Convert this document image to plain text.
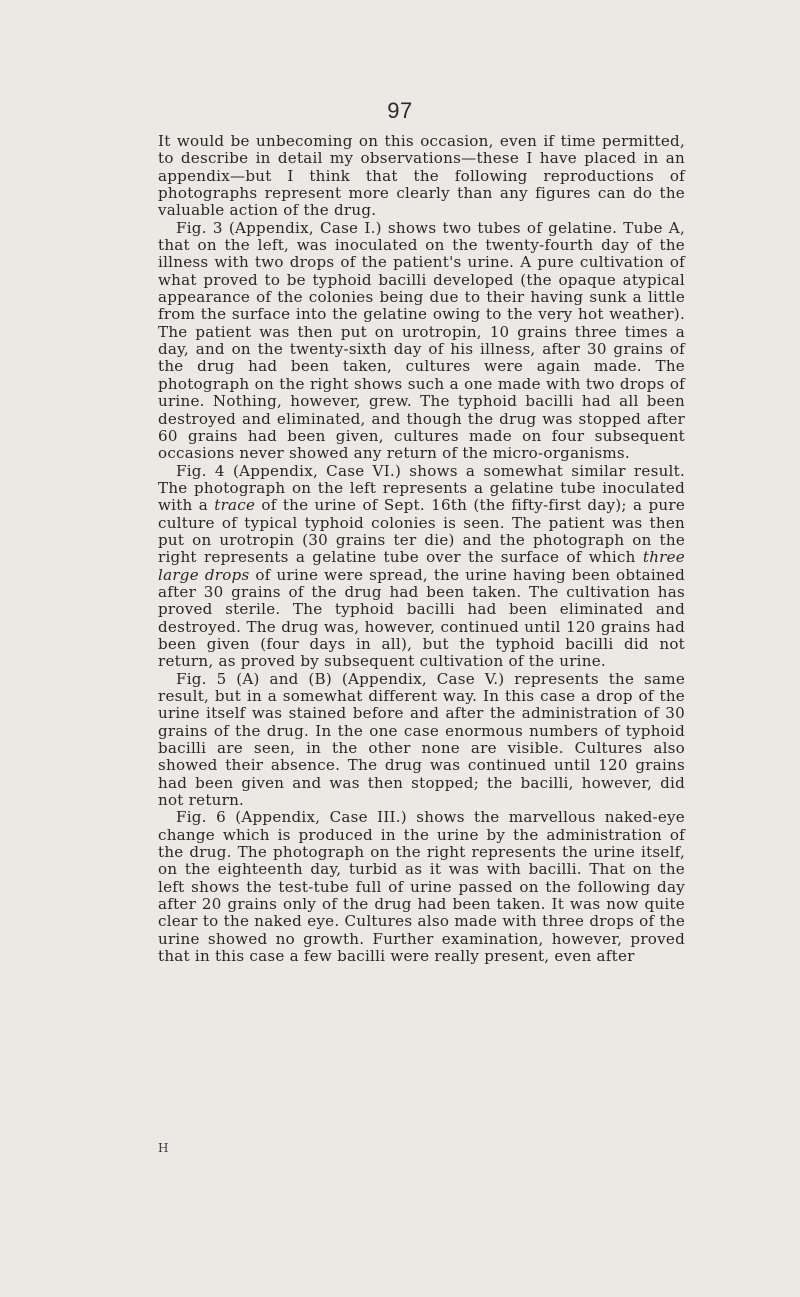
97

It would be unbecoming on this occasion, even if time permitted, to describe in detail my observations—these I have placed in an appendix—but I think that the following reproductions of photographs represent more clearly than any figures can do the valuable action of the drug.

Fig. 3 (Appendix, Case I.) shows two tubes of gelatine. Tube A, that on the left, was inoculated on the twenty-fourth day of the illness with two drops of the patient's urine. A pure cultivation of what proved to be typhoid bacilli developed (the opaque atypical appearance of the colonies being due to their having sunk a little from the surface into the gelatine owing to the very hot weather). The patient was then put on urotropin, 10 grains three times a day, and on the twenty-sixth day of his illness, after 30 grains of the drug had been taken, cultures were again made. The photograph on the right shows such a one made with two drops of urine. Nothing, however, grew. The typhoid bacilli had all been destroyed and eliminated, and though the drug was stopped after 60 grains had been given, cultures made on four subsequent occasions never showed any return of the micro-organisms.

Fig. 4 (Appendix, Case VI.) shows a somewhat similar result. The photograph on the left represents a gelatine tube inoculated with a trace of the urine of Sept. 16th (the fifty-first day); a pure culture of typical typhoid colonies is seen. The patient was then put on urotropin (30 grains ter die) and the photograph on the right represents a gelatine tube over the surface of which three large drops of urine were spread, the urine having been obtained after 30 grains of the drug had been taken. The cultivation has proved sterile. The typhoid bacilli had been eliminated and destroyed. The drug was, however, continued until 120 grains had been given (four days in all), but the typhoid bacilli did not return, as proved by subsequent cultivation of the urine.

Fig. 5 (A) and (B) (Appendix, Case V.) represents the same result, but in a somewhat different way. In this case a drop of the urine itself was stained before and after the administration of 30 grains of the drug. In the one case enormous numbers of typhoid bacilli are seen, in the other none are visible. Cultures also showed their absence. The drug was continued until 120 grains had been given and was then stopped; the bacilli, however, did not return.

Fig. 6 (Appendix, Case III.) shows the marvellous naked-eye change which is produced in the urine by the administration of the drug. The photograph on the right represents the urine itself, on the eighteenth day, turbid as it was with bacilli. That on the left shows the test-tube full of urine passed on the following day after 20 grains only of the drug had been taken. It was now quite clear to the naked eye. Cultures also made with three drops of the urine showed no growth. Further examination, however, proved that in this case a few bacilli were really present, even after

H
